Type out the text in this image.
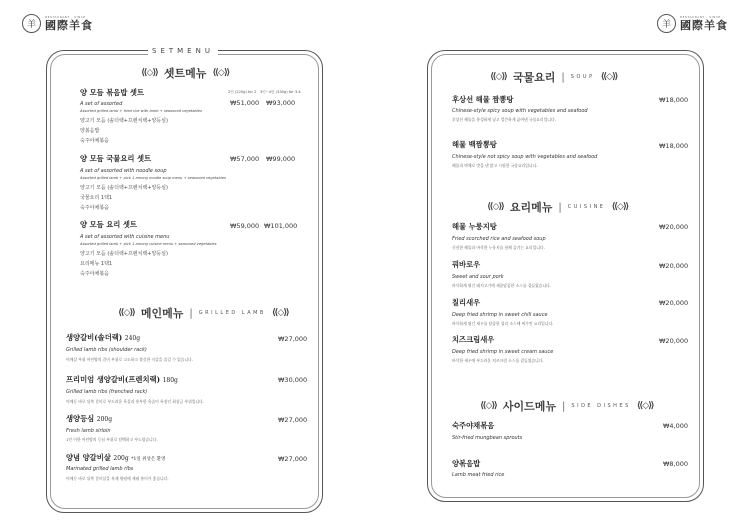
羊
RESTAURANT · SINCE
國際羊食	羊
RESTAURANT · SINCE
國際羊食
SETMENU
⟪◇⟫ 셋트메뉴 ⟪◇⟫
2인 (220g) for 2 3인~4인 (330g) for 3-4
양 모듬 볶음밥 셋트
A set of assorted
Assorted grilled lamb + fried rice with lamb + seasoned vegetables
₩51,000 ₩93,000
양고기 모듬 (솔더랙+프렌치랙+양등심)
양볶음밥
숙주야채볶음
양 모듬 국물요리 셋트
A set of assorted with noodle soup
Assorted grilled lamb + pick 1 among noodle soup menu + seasoned vegetables
₩57,000 ₩99,000
양고기 모듬 (솔더랙+프렌치랙+양등심)
국물요리 1택1
숙주야채볶음
양 모듬 요리 셋트
A set of assorted with cuisine menu
Assorted grilled lamb + pick 1 among cuisine menu + seasoned vegetables
₩59,000 ₩101,000
양고기 모듬 (솔더랙+프렌치랙+양등심)
요리메뉴 1택1
숙주야채볶음
⟪◇⟫ 메인메뉴 | GRILLED LAMB ⟪◇⟫
생양갈비(솔더랙) 240g	₩27,000
Grilled lamb ribs (shoulder rack)
어깨살 부위 어린양의 갈비 부위로 고소하고 쫄깃한 식감을 즐길 수 있습니다.
프리미엄 생양갈비(프렌치랙) 180g	₩30,000
Grilled lamb ribs (frenched rack)
어깨등 바로 뒤쪽 갈비로 부드러운 육질과 풍부한 육즙이 특징인 최상급 부위입니다.
생양등심 200g	₩27,000
Fresh lamb sirloin
1인 이한 어린양의 등심 부위로 담백하고 부드럽습니다.
양념 양갈비살 200g *1일 위상은 환영	₩27,000
Marinated grilled lamb ribs
어깨등 바로 뒤쪽 갈비살을 특제 양념에 재워 풍미가 좋습니다.
⟪◇⟫ 국물요리 | SOUP ⟪◇⟫
후상선 해물 짬뽕탕	₩18,000
Chinese-style spicy soup with vegetables and seafood
후상선 해물을 풍성하게 넣고 얼큰하게 끓여낸 국물요리입니다.
해물 백짬뽕탕	₩18,000
Chinese-style not spicy soup with vegetables and seafood
해물과 야채로 맛을 낸 맑고 시원한 국물요리입니다.
⟪◇⟫ 요리메뉴 | CUISINE ⟪◇⟫
해물 누룽지탕	₩20,000
Fried scorched rice and seafood soup
신선한 해물과 바삭한 누룽지를 함께 즐기는 요리입니다.
꿔바로우	₩20,000
Sweet and sour pork
바삭하게 튀긴 돼지고기에 새콤달콤한 소스를 곁들였습니다.
칠리새우	₩20,000
Deep fried shrimp in sweet chili sauce
바삭하게 튀긴 새우를 달콤한 칠리 소스에 버무린 요리입니다.
치즈크림새우	₩20,000
Deep fried shrimp in sweet cream sauce
바삭한 새우에 부드러운 치즈크림 소스를 곁들였습니다.
⟪◇⟫ 사이드메뉴 | SIDE DISHES ⟪◇⟫
숙주야채볶음	₩4,000
Stir-fried mungbean sprouts
양볶음밥	₩8,000
Lamb meat fried rice
